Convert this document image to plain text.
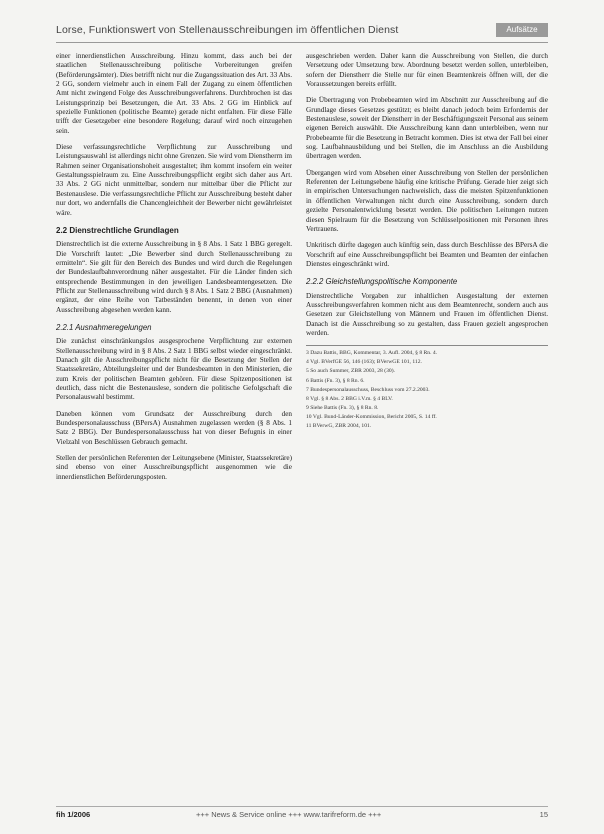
Lorse, Funktionswert von Stellenausschreibungen im öffentlichen Dienst	Aufsätze

einer innerdienstlichen Ausschreibung. Hinzu kommt, dass auch bei der staatlichen Stellenausschreibung politische Vorbereitungen greifen (Beförderungsämter). Dies betrifft nicht nur die Zugangssituation des Art. 33 Abs. 2 GG, sondern vielmehr auch in einem Fall der Zugang zu einem öffentlichen Amt nicht zwingend Folge des Ausschreibungsverfahrens. Durchbrochen ist das Leistungsprinzip bei Besetzungen, die Art. 33 Abs. 2 GG im Hinblick auf spezielle Funktionen (politische Beamte) gerade nicht entfalten. Für diese Fälle trifft der Gesetzgeber eine besondere Regelung; darauf wird noch einzugehen sein.

Diese verfassungsrechtliche Verpflichtung zur Ausschreibung und Leistungsauswahl ist allerdings nicht ohne Grenzen. Sie wird vom Dienstherrn im Rahmen seiner Organisationshoheit ausgestaltet; ihm kommt insofern ein weiter Gestaltungsspielraum zu. Eine Ausschreibungspflicht ergibt sich daher aus Art. 33 Abs. 2 GG nicht unmittelbar, sondern nur mittelbar über die Pflicht zur Bestenauslese. Die verfassungsrechtliche Pflicht zur Ausschreibung besteht daher nur dort, wo andernfalls die Chancengleichheit der Bewerber nicht gewährleistet wäre.

2.2 Dienstrechtliche Grundlagen

Dienstrechtlich ist die externe Ausschreibung in § 8 Abs. 1 Satz 1 BBG geregelt. Die Vorschrift lautet: „Die Bewerber sind durch Stellenausschreibung zu ermitteln“. Sie gilt für den Bereich des Bundes und wird durch die Regelungen der Bundeslaufbahnverordnung näher ausgestaltet. Für die Länder finden sich entsprechende Bestimmungen in den jeweiligen Landesbeamtengesetzen. Die Pflicht zur Stellenausschreibung wird durch § 8 Abs. 1 Satz 2 BBG (Ausnahmen) ergänzt, der eine Reihe von Tatbeständen benennt, in denen von einer Ausschreibung abgesehen werden kann.

2.2.1 Ausnahmeregelungen

Die zunächst einschränkungslos ausgesprochene Verpflichtung zur externen Stellenausschreibung wird in § 8 Abs. 2 Satz 1 BBG selbst wieder eingeschränkt. Danach gilt die Ausschreibungspflicht nicht für die Besetzung der Stellen der Staatssekretäre, Abteilungsleiter und der Bundesbeamten in den Ministerien, die zum Kreis der politischen Beamten gehören. Für diese Spitzenpositionen ist deutlich, dass nicht die Bestenauslese, sondern die politische Gefolgschaft die Personalauswahl bestimmt.

Daneben können vom Grundsatz der Ausschreibung durch den Bundespersonalausschuss (BPersA) Ausnahmen zugelassen werden (§ 8 Abs. 1 Satz 2 BBG). Der Bundespersonalausschuss hat von dieser Befugnis in einer Vielzahl von Beschlüssen Gebrauch gemacht.

Stellen der persönlichen Referenten der Leitungsebene (Minister, Staatssekretäre) sind ebenso von einer Ausschreibungspflicht ausgenommen wie die innerdienstlichen Beförderungsposten.

ausgeschrieben werden. Daher kann die Ausschreibung von Stellen, die durch Versetzung oder Umsetzung bzw. Abordnung besetzt werden sollen, unterbleiben, sofern der Dienstherr die Stelle nur für einen Beamtenkreis öffnen will, der die Voraussetzungen bereits erfüllt.

Die Übertragung von Probebeamten wird im Abschnitt zur Ausschreibung auf die Grundlage dieses Gesetzes gestützt; es bleibt danach jedoch beim Erfordernis der Bestenauslese, soweit der Dienstherr in der Beschäftigungszeit Personal aus seinem eigenen Bereich auswählt. Die Ausschreibung kann dann unterbleiben, wenn nur Probebeamte für die Besetzung in Betracht kommen. Dies ist etwa der Fall bei einer sog. Laufbahnausbildung und bei Stellen, die im Anschluss an die Ausbildung übertragen werden.

Übergangen wird vom Absehen einer Ausschreibung von Stellen der persönlichen Referenten der Leitungsebene häufig eine kritische Prüfung. Gerade hier zeigt sich in empirischen Untersuchungen nachweislich, dass die meisten Spitzenfunktionen in öffentlichen Verwaltungen nicht durch eine Ausschreibung, sondern durch gezielte Personalentwicklung besetzt werden. Die politischen Leitungen nutzen diesen Spielraum für die Besetzung von Schlüsselpositionen mit Personen ihres Vertrauens.

Unkritisch dürfte dagegen auch künftig sein, dass durch Beschlüsse des BPersA die Vorschrift auf eine Ausschreibungspflicht bei Beamten und Beamten der einfachen Dienstes eingeschränkt wird.

2.2.2 Gleichstellungspolitische Komponente

Dienstrechtliche Vorgaben zur inhaltlichen Ausgestaltung der externen Ausschreibungsverfahren kommen nicht aus dem Beamtenrecht, sondern auch aus Gesetzen zur Gleichstellung von Männern und Frauen im öffentlichen Dienst. Danach ist die Ausschreibung so zu gestalten, dass Frauen gezielt angesprochen werden.

3 Dazu Battis, BBG, Kommentar, 3. Aufl. 2004, § 8 Rn. 4.
4 Vgl. BVerfGE 56, 146 (163); BVerwGE 101, 112.
5 So auch Summer, ZBR 2003, 28 (30).
6 Battis (Fn. 3), § 8 Rn. 6.
7 Bundespersonalausschuss, Beschluss vom 27.2.2003.
8 Vgl. § 8 Abs. 2 BBG i.V.m. § 4 BLV.
9 Siehe Battis (Fn. 3), § 8 Rn. 8.
10 Vgl. Bund-Länder-Kommission, Bericht 2005, S. 14 ff.
11 BVerwG, ZBR 2004, 101.
fih 1/2006	+++ News & Service online +++ www.tarifreform.de +++	15
